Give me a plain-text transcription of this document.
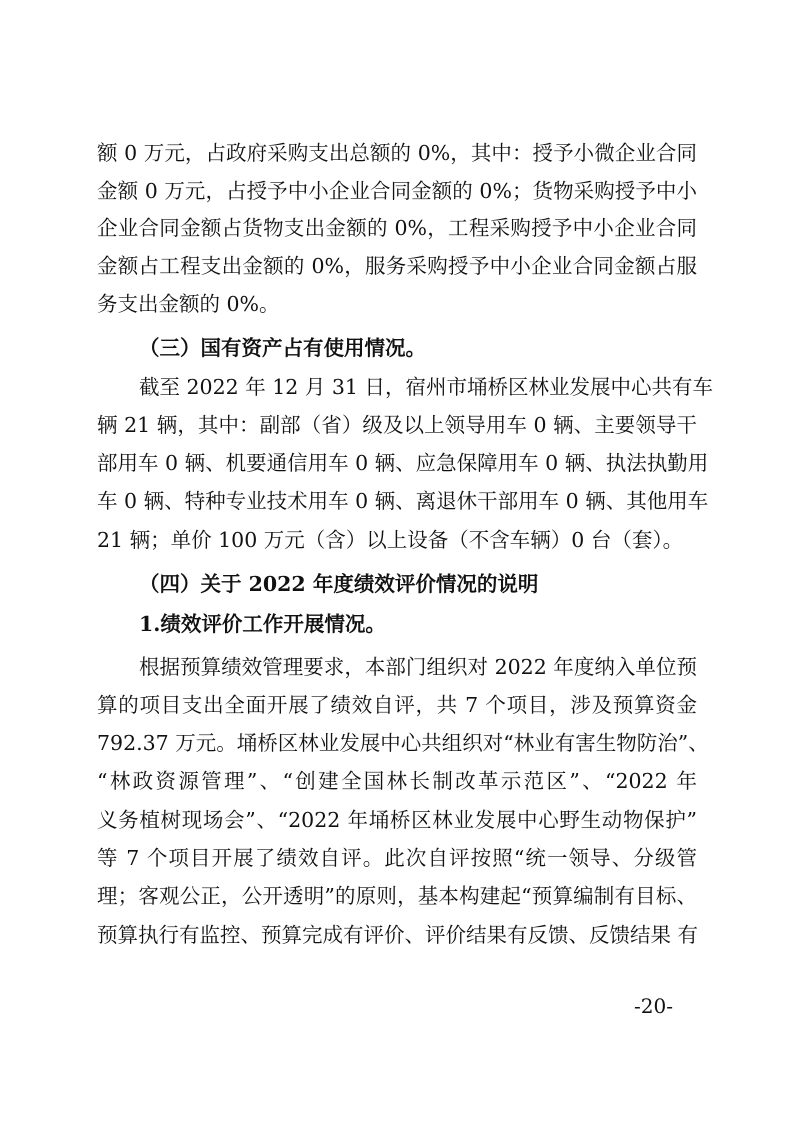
额 0 万元，占政府采购支出总额的 0%，其中：授予小微企业合同
金额 0 万元，占授予中小企业合同金额的 0%；货物采购授予中小
企业合同金额占货物支出金额的 0%，工程采购授予中小企业合同
金额占工程支出金额的 0%，服务采购授予中小企业合同金额占服
务支出金额的 0%。
（三）国有资产占有使用情况。
截至 2022 年 12 月 31 日，宿州市埇桥区林业发展中心共有车
辆 21 辆，其中：副部（省）级及以上领导用车 0 辆、主要领导干
部用车 0 辆、机要通信用车 0 辆、应急保障用车 0 辆、执法执勤用
车 0 辆、特种专业技术用车 0 辆、离退休干部用车 0 辆、其他用车
21 辆；单价 100 万元（含）以上设备（不含车辆）0 台（套）。
（四）关于 2022 年度绩效评价情况的说明
1.绩效评价工作开展情况。
根据预算绩效管理要求，本部门组织对 2022 年度纳入单位预
算的项目支出全面开展了绩效自评，共 7 个项目，涉及预算资金
792.37 万元。埇桥区林业发展中心共组织对“林业有害生物防治”、
“林政资源管理”、“创建全国林长制改革示范区”、“2022 年
义务植树现场会”、“2022 年埇桥区林业发展中心野生动物保护”
等 7 个项目开展了绩效自评。此次自评按照“统一领导、分级管
理；客观公正，公开透明”的原则，基本构建起“预算编制有目标、
预算执行有监控、预算完成有评价、评价结果有反馈、反馈结果 有
-20-
